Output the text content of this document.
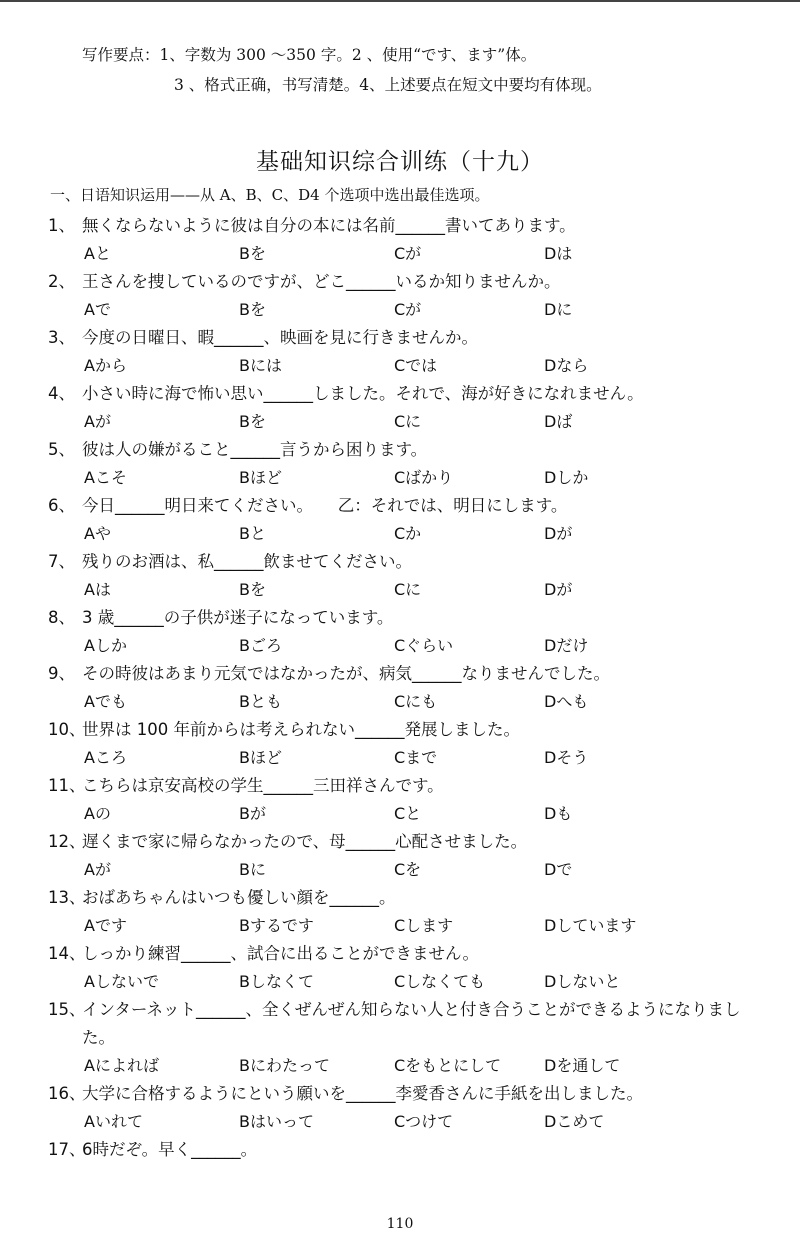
写作要点：1、字数为 300 ～350 字。2 、使用“です、ます”体。
3 、格式正确，书写清楚。4、上述要点在短文中要均有体现。
基础知识综合训练（十九）
一、日语知识运用——从 A、B、C、D4 个选项中选出最佳选项。
1、 無くならないように彼は自分の本には名前______書いてあります。
Aと	Bを	Cが	Dは
2、 王さんを捜しているのですが、どこ______いるか知りませんか。
Aで	Bを	Cが	Dに
3、 今度の日曜日、暇______、映画を見に行きませんか。
Aから	Bには	Cでは	Dなら
4、 小さい時に海で怖い思い______しました。それで、海が好きになれません。
Aが	Bを	Cに	Dば
5、 彼は人の嫌がること______言うから困ります。
Aこそ	Bほど	Cばかり	Dしか
6、 今日______明日来てください。　　乙：それでは、明日にします。
Aや	Bと	Cか	Dが
7、 残りのお酒は、私______飲ませてください。
Aは	Bを	Cに	Dが
8、 3 歳______の子供が迷子になっています。
Aしか	Bごろ	Cぐらい	Dだけ
9、 その時彼はあまり元気ではなかったが、病気______なりませんでした。
Aでも	Bとも	Cにも	Dへも
10、
世界は 100 年前からは考えられない______発展しました。
Aころ	Bほど	Cまで	Dそう
11、
こちらは京安高校の学生______三田祥さんです。
Aの	Bが	Cと	Dも
12、
遅くまで家に帰らなかったので、母______心配させました。
Aが	Bに	Cを	Dで
13、
おばあちゃんはいつも優しい顔を______。
Aです	Bするです	Cします	Dしています
14、
しっかり練習______、試合に出ることができません。
Aしないで	Bしなくて	Cしなくても	Dしないと
15、
インターネット______、全くぜんぜん知らない人と付き合うことができるようになりました。
Aによれば	Bにわたって	Cをもとにして	Dを通して
16、
大学に合格するようにという願いを______李愛香さんに手紙を出しました。
Aいれて	Bはいって	Cつけて	Dこめて
17、
6時だぞ。早く______。
110
